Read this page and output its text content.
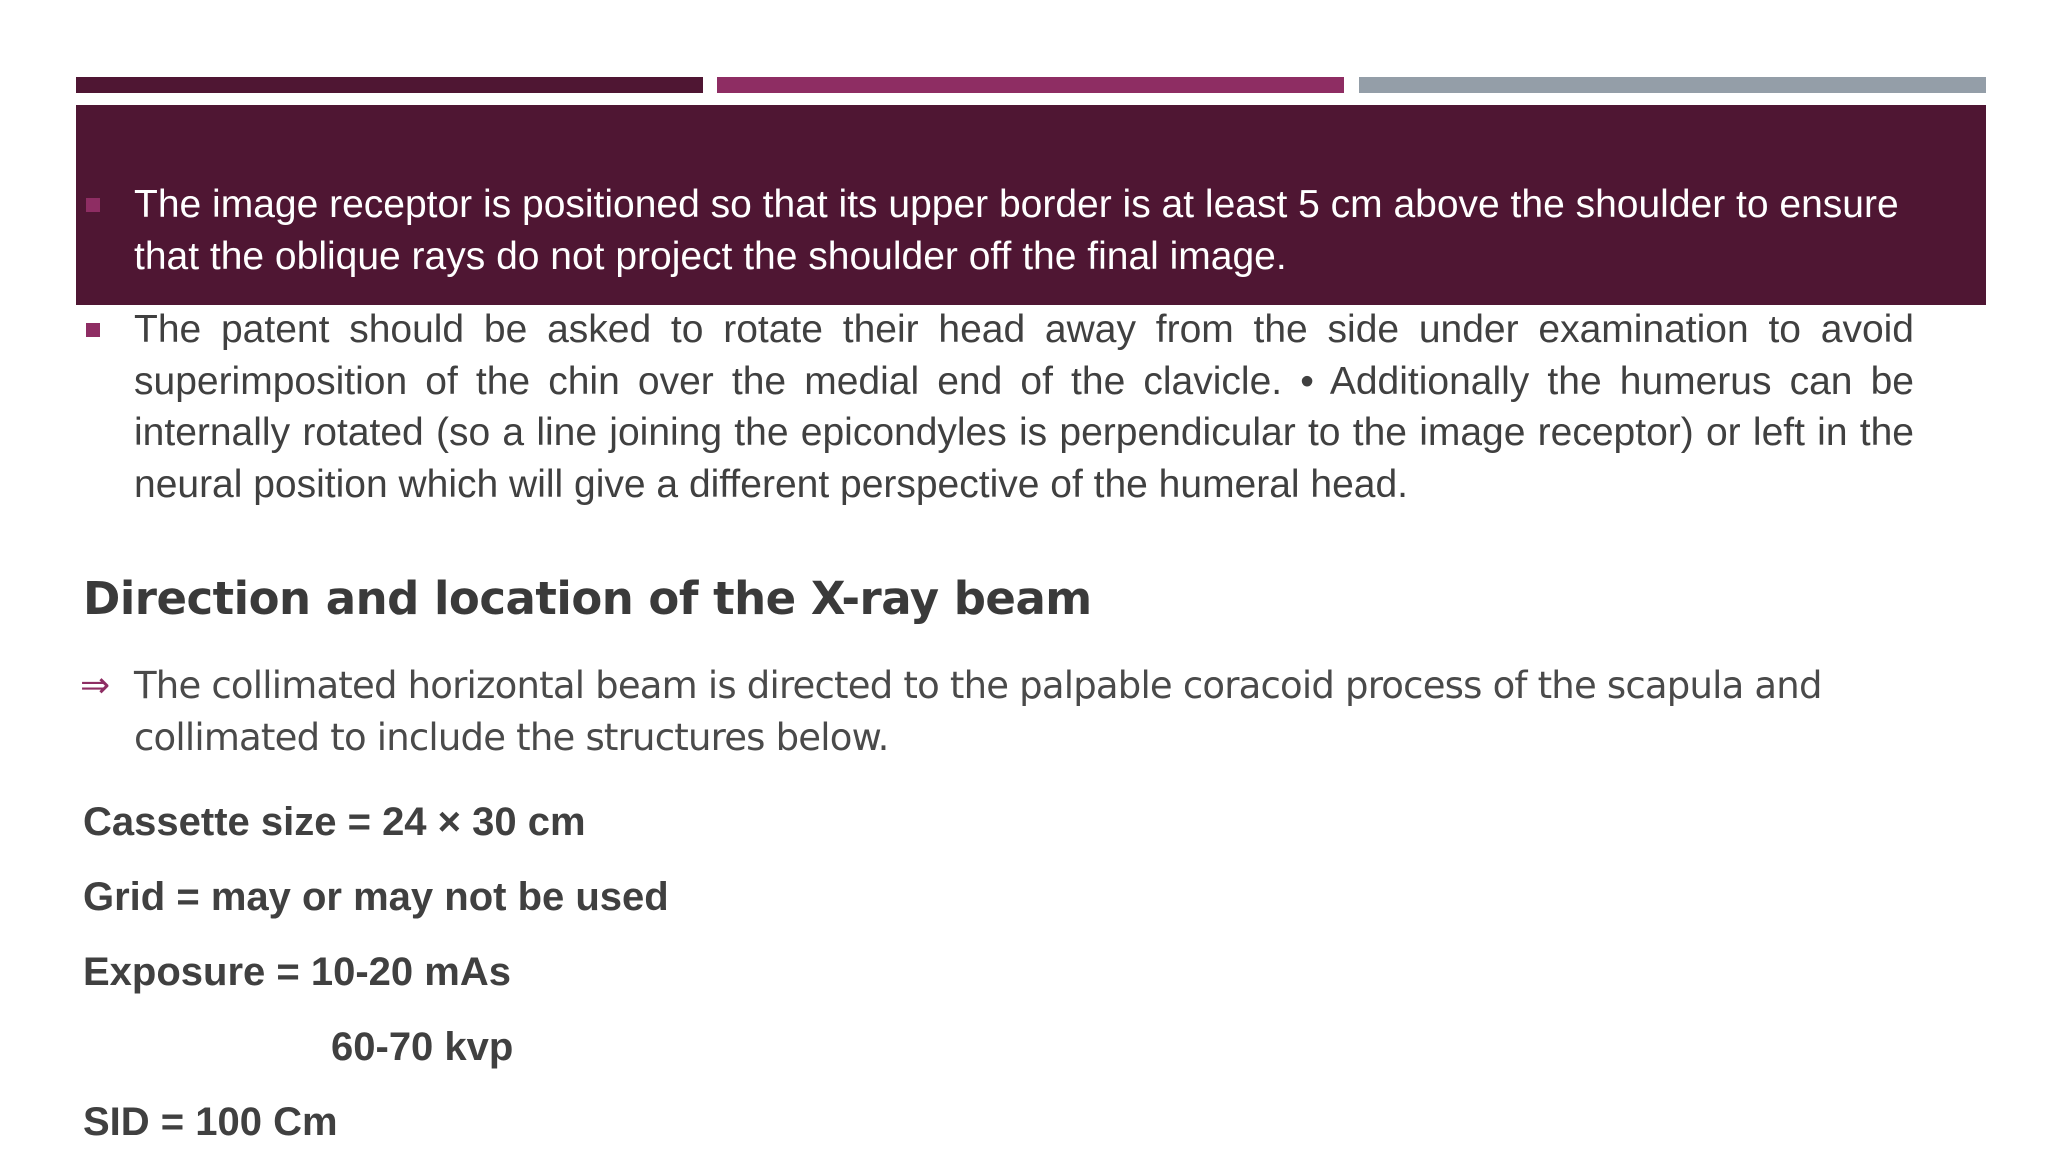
The image receptor is positioned so that its upper border is at least 5 cm above the shoulder to ensure that the oblique rays do not project the shoulder off the final image.

The patent should be asked to rotate their head away from the side under examination to avoid superimposition of the chin over the medial end of the clavicle. • Additionally the humerus can be internally rotated (so a line joining the epicondyles is perpendicular to the image receptor) or left in the neural position which will give a different perspective of the humeral head.

Direction and location of the X-ray beam

⇒ The collimated horizontal beam is directed to the palpable coracoid process of the scapula and collimated to include the structures below.

Cassette size = 24 × 30 cm

Grid = may or may not be used

Exposure = 10-20 mAs

60-70 kvp

SID = 100 Cm
